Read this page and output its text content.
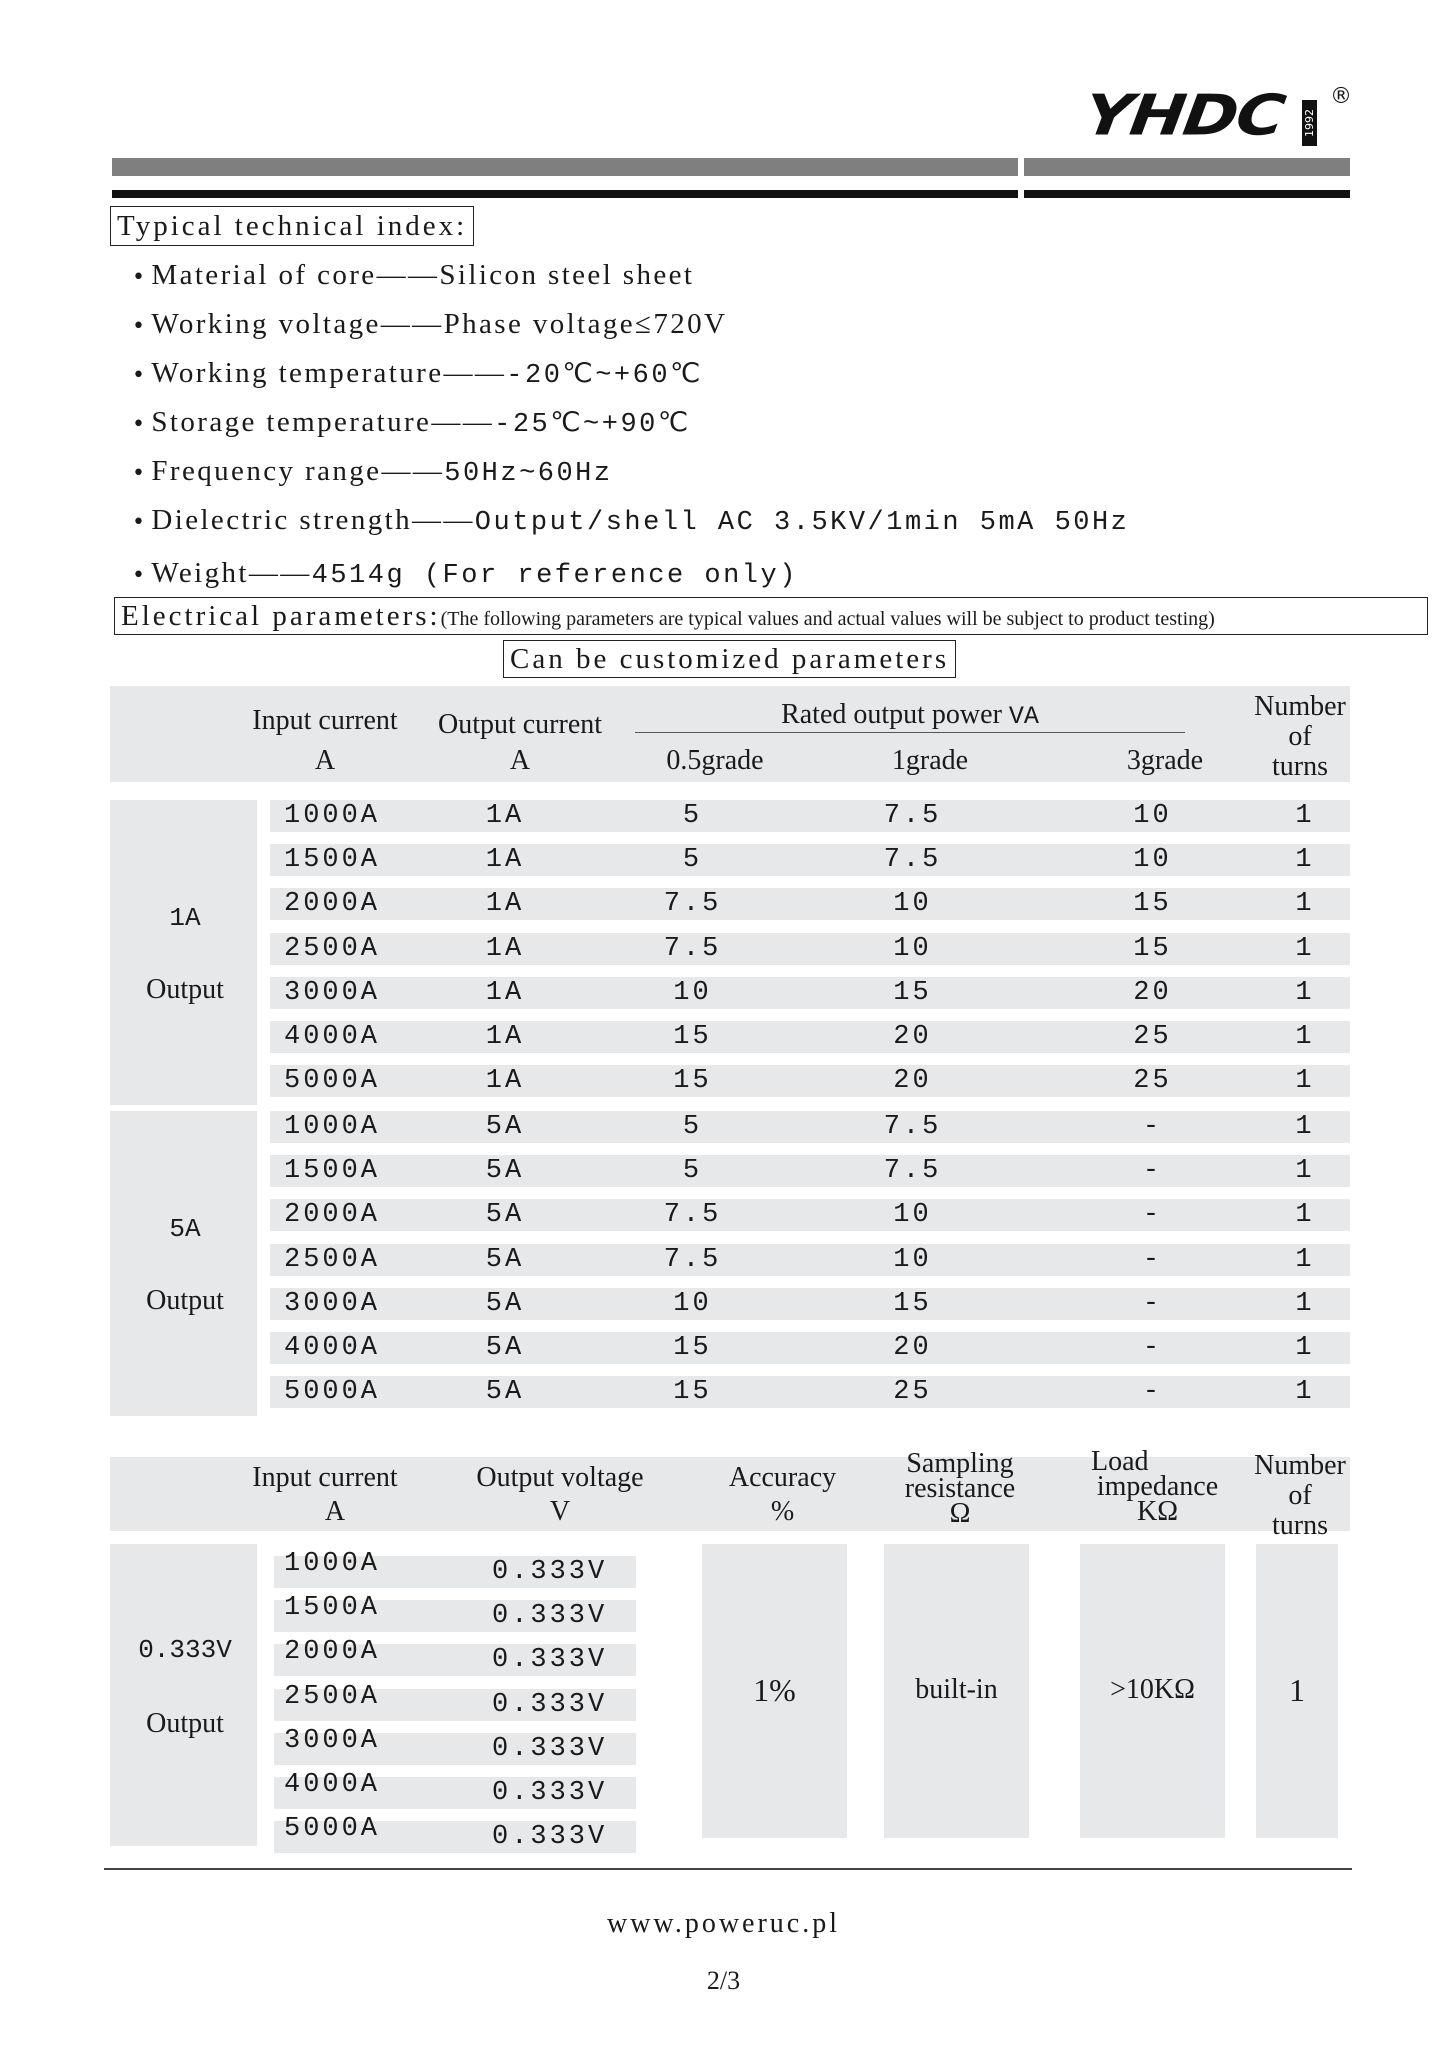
YHDC 1992
®
Typical technical index:
• Material of core——Silicon steel sheet
• Working voltage——Phase voltage≤720V
• Working temperature——-20℃~+60℃
• Storage temperature——-25℃~+90℃
• Frequency range——50Hz~60Hz
• Dielectric strength——Output/shell AC 3.5KV/1min 5mA 50Hz
• Weight——4514g (For reference only)
Electrical parameters:(The following parameters are typical values and actual values will be subject to product testing)
Can be customized parameters
Input current
A
Output current
A
Rated output power VA
0.5grade	1grade	3grade
Number
of
turns
1A
Output
1000A	1A	5	7.5	10	1
1500A	1A	5	7.5	10	1
2000A	1A	7.5	10	15	1
2500A	1A	7.5	10	15	1
3000A	1A	10	15	20	1
4000A	1A	15	20	25	1
5000A	1A	15	20	25	1
5A
Output
1000A	5A	5	7.5	-	1
1500A	5A	5	7.5	-	1
2000A	5A	7.5	10	-	1
2500A	5A	7.5	10	-	1
3000A	5A	10	15	-	1
4000A	5A	15	20	-	1
5000A	5A	15	25	-	1
Input current
A
Output voltage
V
Accuracy
%
Sampling
resistance
Ω
Load
impedance
KΩ
Number
of
turns
0.333V
Output
1000A	0.333V
1500A	0.333V
2000A	0.333V
2500A	0.333V
3000A	0.333V
4000A	0.333V
5000A	0.333V
1%	built-in	>10KΩ	1
www.poweruc.pl
2/3
